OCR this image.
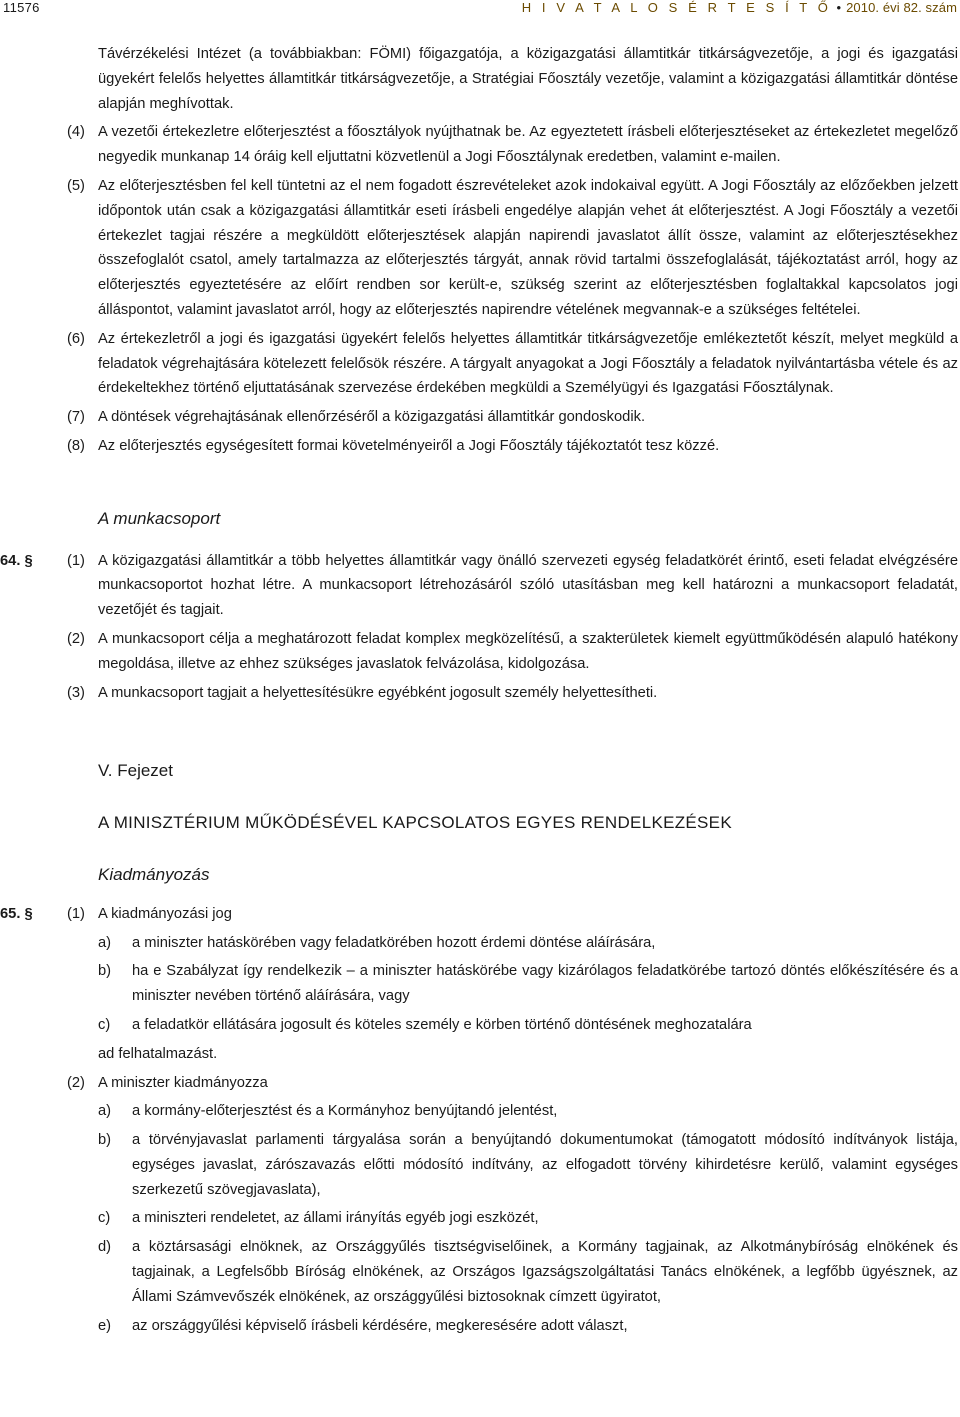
11576	H I V A T A L O S É R T E S Í T Ő • 2010. évi 82. szám
Távérzékelési Intézet (a továbbiakban: FÖMI) főigazgatója, a közigazgatási államtitkár titkárságvezetője, a jogi és igazgatási ügyekért felelős helyettes államtitkár titkárságvezetője, a Stratégiai Főosztály vezetője, valamint a közigazgatási államtitkár döntése alapján meghívottak.
(4) A vezetői értekezletre előterjesztést a főosztályok nyújthatnak be. Az egyeztetett írásbeli előterjesztéseket az értekezletet megelőző negyedik munkanap 14 óráig kell eljuttatni közvetlenül a Jogi Főosztálynak eredetben, valamint e-mailen.
(5) Az előterjesztésben fel kell tüntetni az el nem fogadott észrevételeket azok indokaival együtt. A Jogi Főosztály az előzőekben jelzett időpontok után csak a közigazgatási államtitkár eseti írásbeli engedélye alapján vehet át előterjesztést. A Jogi Főosztály a vezetői értekezlet tagjai részére a megküldött előterjesztések alapján napirendi javaslatot állít össze, valamint az előterjesztésekhez összefoglalót csatol, amely tartalmazza az előterjesztés tárgyát, annak rövid tartalmi összefoglalását, tájékoztatást arról, hogy az előterjesztés egyeztetésére az előírt rendben sor került-e, szükség szerint az előterjesztésben foglaltakkal kapcsolatos jogi álláspontot, valamint javaslatot arról, hogy az előterjesztés napirendre vételének megvannak-e a szükséges feltételei.
(6) Az értekezletről a jogi és igazgatási ügyekért felelős helyettes államtitkár titkárságvezetője emlékeztetőt készít, melyet megküld a feladatok végrehajtására kötelezett felelősök részére. A tárgyalt anyagokat a Jogi Főosztály a feladatok nyilvántartásba vétele és az érdekeltekhez történő eljuttatásának szervezése érdekében megküldi a Személyügyi és Igazgatási Főosztálynak.
(7) A döntések végrehajtásának ellenőrzéséről a közigazgatási államtitkár gondoskodik.
(8) Az előterjesztés egységesített formai követelményeiről a Jogi Főosztály tájékoztatót tesz közzé.
A munkacsoport
64. §	(1) A közigazgatási államtitkár a több helyettes államtitkár vagy önálló szervezeti egység feladatkörét érintő, eseti feladat elvégzésére munkacsoportot hozhat létre. A munkacsoport létrehozásáról szóló utasításban meg kell határozni a munkacsoport feladatát, vezetőjét és tagjait.
(2) A munkacsoport célja a meghatározott feladat komplex megközelítésű, a szakterületek kiemelt együttműködésén alapuló hatékony megoldása, illetve az ehhez szükséges javaslatok felvázolása, kidolgozása.
(3) A munkacsoport tagjait a helyettesítésükre egyébként jogosult személy helyettesítheti.
V. Fejezet
A MINISZTÉRIUM MŰKÖDÉSÉVEL KAPCSOLATOS EGYES RENDELKEZÉSEK
Kiadmányozás
65. §	(1) A kiadmányozási jog
a) a miniszter hatáskörében vagy feladatkörében hozott érdemi döntése aláírására,
b) ha e Szabályzat így rendelkezik – a miniszter hatáskörébe vagy kizárólagos feladatkörébe tartozó döntés előkészítésére és a miniszter nevében történő aláírására, vagy
c) a feladatkör ellátására jogosult és köteles személy e körben történő döntésének meghozatalára
ad felhatalmazást.
(2) A miniszter kiadmányozza
a) a kormány-előterjesztést és a Kormányhoz benyújtandó jelentést,
b) a törvényjavaslat parlamenti tárgyalása során a benyújtandó dokumentumokat (támogatott módosító indítványok listája, egységes javaslat, zárószavazás előtti módosító indítvány, az elfogadott törvény kihirdetésre kerülő, valamint egységes szerkezetű szövegjavaslata),
c) a miniszteri rendeletet, az állami irányítás egyéb jogi eszközét,
d) a köztársasági elnöknek, az Országgyűlés tisztségviselőinek, a Kormány tagjainak, az Alkotmánybíróság elnökének és tagjainak, a Legfelsőbb Bíróság elnökének, az Országos Igazságszolgáltatási Tanács elnökének, a legfőbb ügyésznek, az Állami Számvevőszék elnökének, az országgyűlési biztosoknak címzett ügyiratot,
e) az országgyűlési képviselő írásbeli kérdésére, megkeresésére adott választ,
